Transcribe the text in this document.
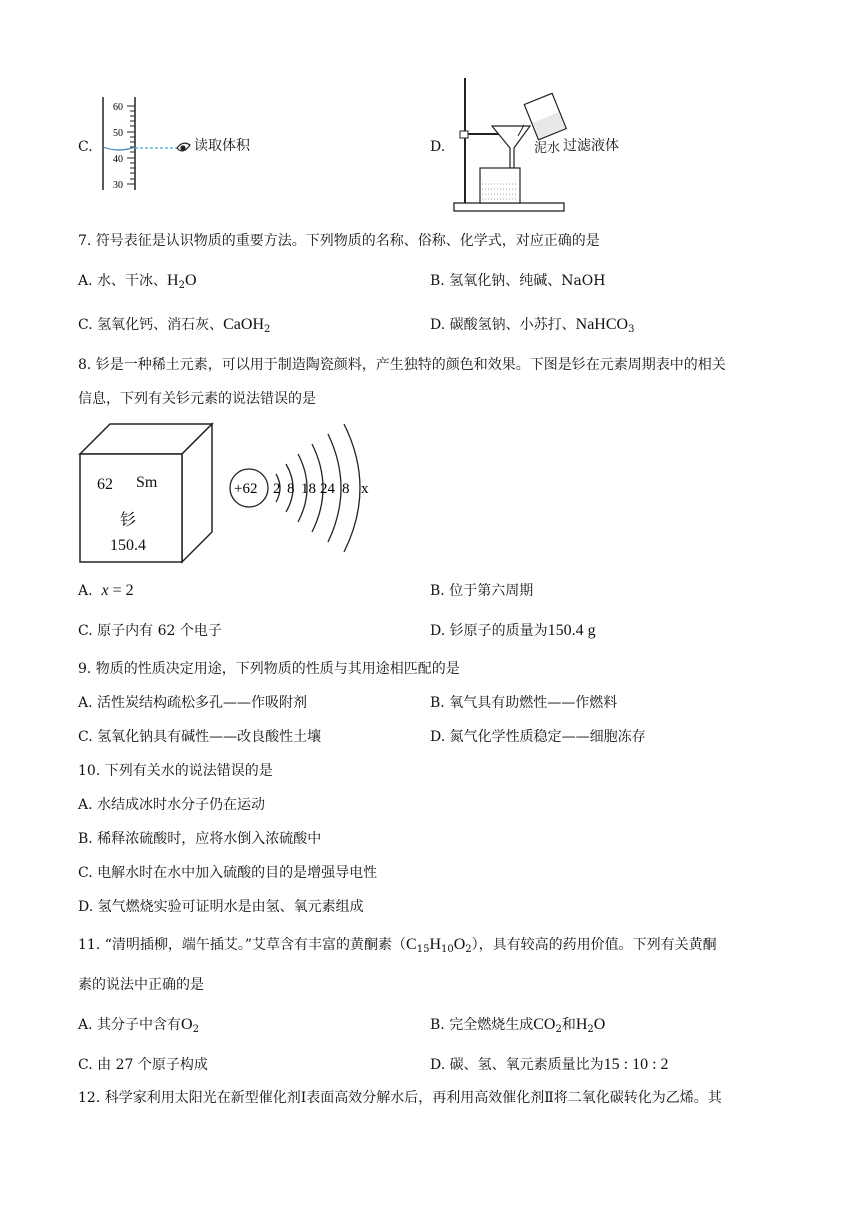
C.
60
50
40
30
读取体积	D.	泥水 过滤液体
7. 符号表征是认识物质的重要方法。下列物质的名称、俗称、化学式，对应正确的是
A. 水、干冰、$H_2O$	B. 氢氧化钠、纯碱、NaOH
C. 氢氧化钙、消石灰、CaOH$_2$	D. 碳酸氢钠、小苏打、NaHCO$_3$
8. 钐是一种稀土元素，可以用于制造陶瓷颜料，产生独特的颜色和效果。下图是钐在元素周期表中的相关
信息，下列有关钐元素的说法错误的是
62 Sm
钐
150.4
+62 2 8 18 24 8 x
A. x = 2	B. 位于第六周期
C. 原子内有 62 个电子	D. 钐原子的质量为150.4 g
9. 物质的性质决定用途，下列物质的性质与其用途相匹配的是
A. 活性炭结构疏松多孔——作吸附剂	B. 氧气具有助燃性——作燃料
C. 氢氧化钠具有碱性——改良酸性土壤	D. 氮气化学性质稳定——细胞冻存
10. 下列有关水的说法错误的是
A. 水结成冰时水分子仍在运动
B. 稀释浓硫酸时，应将水倒入浓硫酸中
C. 电解水时在水中加入硫酸的目的是增强导电性
D. 氢气燃烧实验可证明水是由氢、氧元素组成
11. “清明插柳，端午插艾。”艾草含有丰富的黄酮素$(C_{15}H_{10}O_2)$，具有较高的药用价值。下列有关黄酮
素的说法中正确的是
A. 其分子中含有$O_2$	B. 完全燃烧生成$CO_2$和$H_2O$
C. 由 27 个原子构成	D. 碳、氢、氧元素质量比为15 : 10 : 2
12. 科学家利用太阳光在新型催化剂Ⅰ表面高效分解水后，再利用高效催化剂Ⅱ将二氧化碳转化为乙烯。其
